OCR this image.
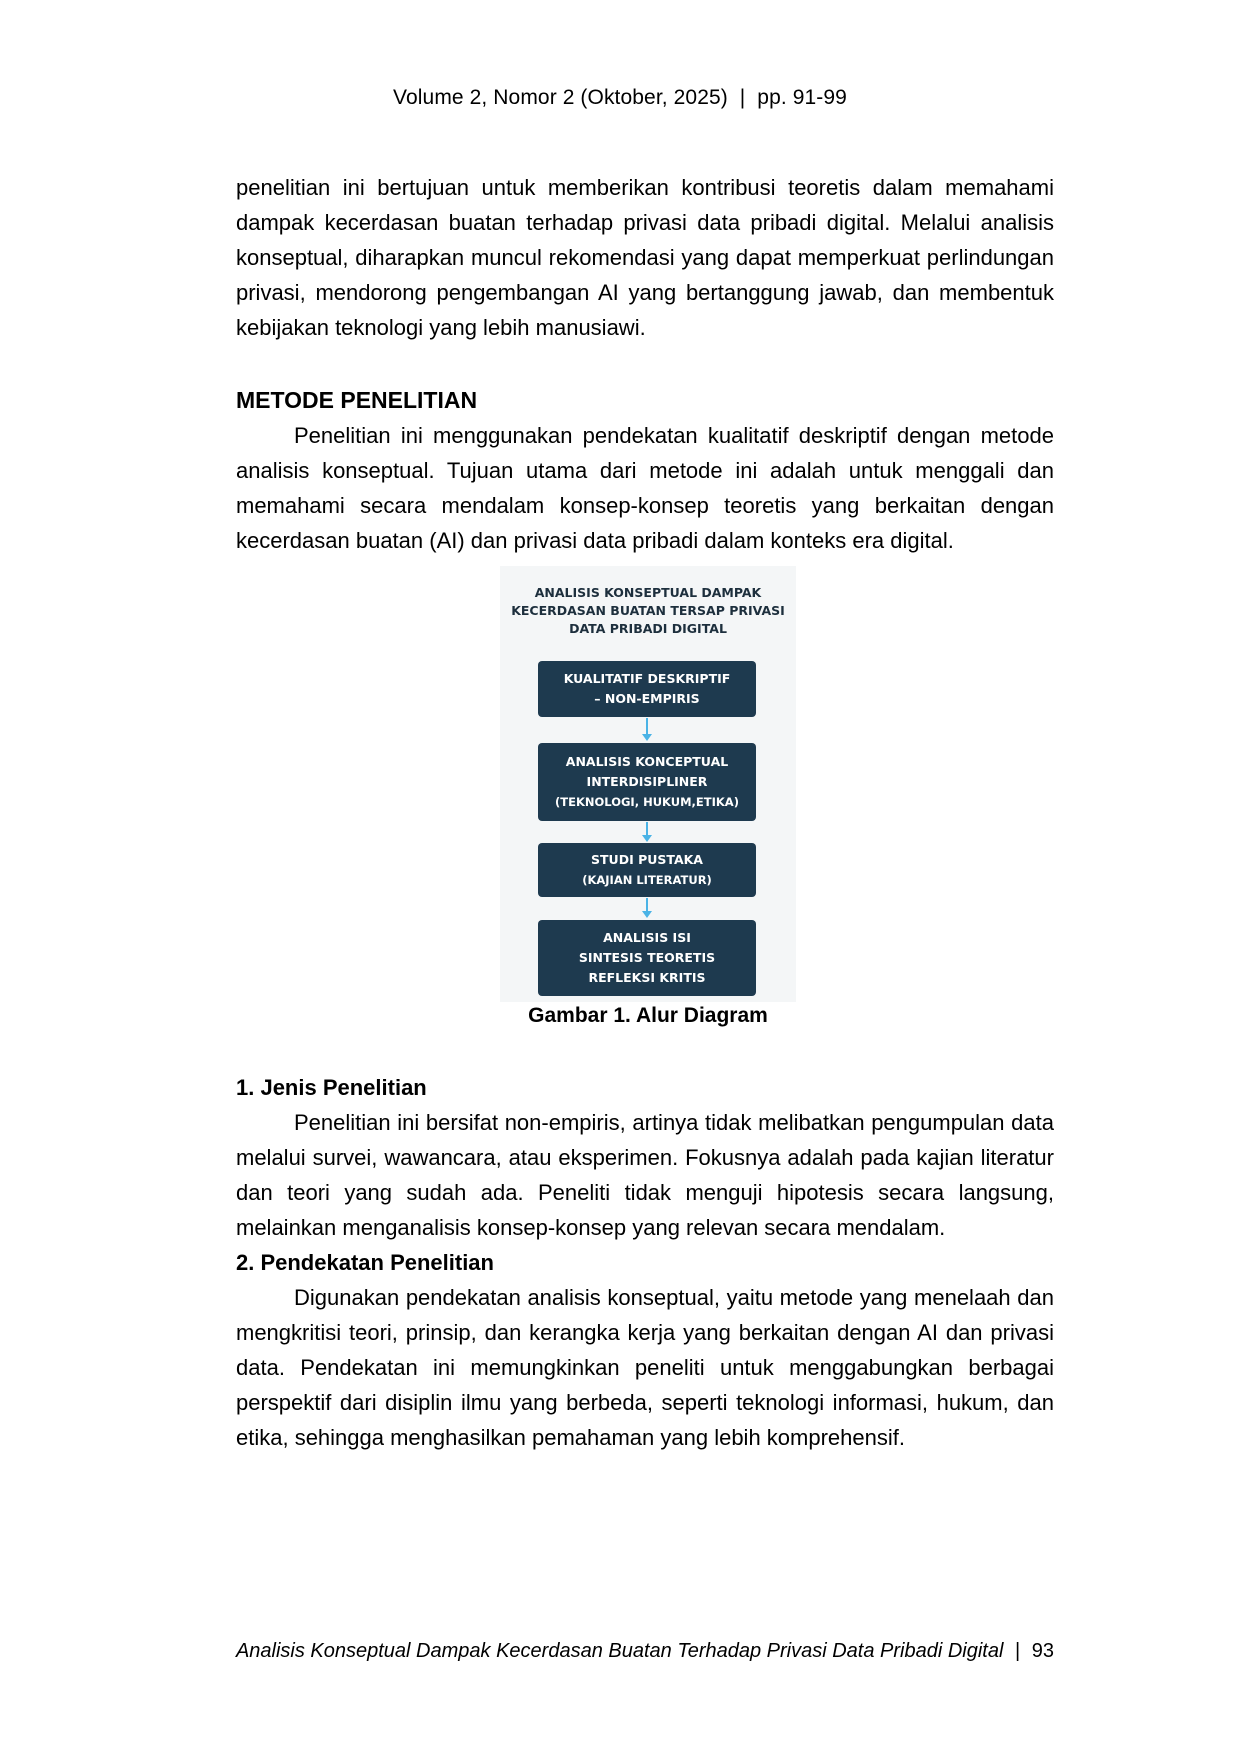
Volume 2, Nomor 2 (Oktober, 2025) | pp. 91-99

penelitian ini bertujuan untuk memberikan kontribusi teoretis dalam memahami dampak kecerdasan buatan terhadap privasi data pribadi digital. Melalui analisis konseptual, diharapkan muncul rekomendasi yang dapat memperkuat perlindungan privasi, mendorong pengembangan AI yang bertanggung jawab, dan membentuk kebijakan teknologi yang lebih manusiawi.

METODE PENELITIAN

Penelitian ini menggunakan pendekatan kualitatif deskriptif dengan metode analisis konseptual. Tujuan utama dari metode ini adalah untuk menggali dan memahami secara mendalam konsep-konsep teoretis yang berkaitan dengan kecerdasan buatan (AI) dan privasi data pribadi dalam konteks era digital.

ANALISIS KONSEPTUAL DAMPAK
KECERDASAN BUATAN TERSAP PRIVASI
DATA PRIBADI DIGITAL
KUALITATIF DESKRIPTIF
– NON-EMPIRIS
ANALISIS KONCEPTUAL
INTERDISIPLINER
(TEKNOLOGI, HUKUM,ETIKA)
STUDI PUSTAKA
(KAJIAN LITERATUR)
ANALISIS ISI
SINTESIS TEORETIS
REFLEKSI KRITIS
Gambar 1. Alur Diagram

1. Jenis Penelitian

Penelitian ini bersifat non-empiris, artinya tidak melibatkan pengumpulan data melalui survei, wawancara, atau eksperimen. Fokusnya adalah pada kajian literatur dan teori yang sudah ada. Peneliti tidak menguji hipotesis secara langsung, melainkan menganalisis konsep-konsep yang relevan secara mendalam.

2. Pendekatan Penelitian

Digunakan pendekatan analisis konseptual, yaitu metode yang menelaah dan mengkritisi teori, prinsip, dan kerangka kerja yang berkaitan dengan AI dan privasi data. Pendekatan ini memungkinkan peneliti untuk menggabungkan berbagai perspektif dari disiplin ilmu yang berbeda, seperti teknologi informasi, hukum, dan etika, sehingga menghasilkan pemahaman yang lebih komprehensif.

Analisis Konseptual Dampak Kecerdasan Buatan Terhadap Privasi Data Pribadi Digital | 93
